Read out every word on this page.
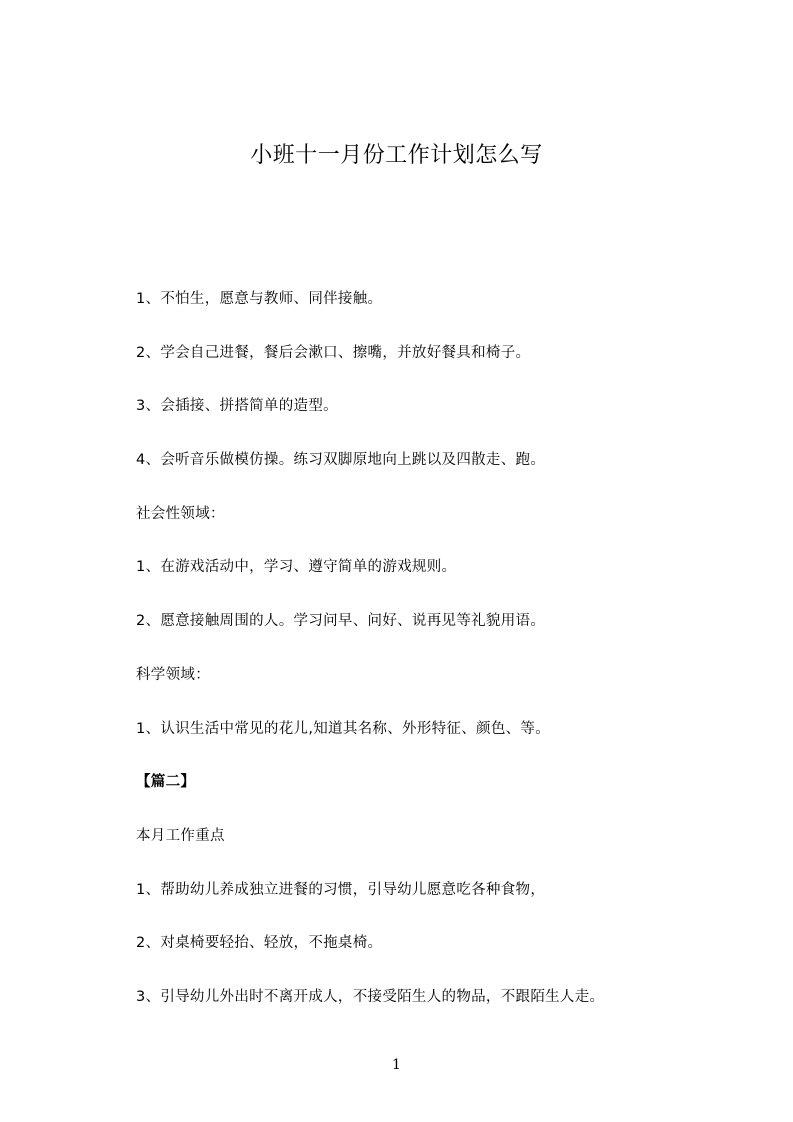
小班十一月份工作计划怎么写
1、不怕生，愿意与教师、同伴接触。
2、学会自己进餐，餐后会漱口、擦嘴，并放好餐具和椅子。
3、会插接、拼搭简单的造型。
4、会听音乐做模仿操。练习双脚原地向上跳以及四散走、跑。
社会性领域：
1、在游戏活动中，学习、遵守简单的游戏规则。
2、愿意接触周围的人。学习问早、问好、说再见等礼貌用语。
科学领域：
1、认识生活中常见的花儿,知道其名称、外形特征、颜色、等。
【篇二】
本月工作重点
1、帮助幼儿养成独立进餐的习惯，引导幼儿愿意吃各种食物，
2、对桌椅要轻抬、轻放，不拖桌椅。
3、引导幼儿外出时不离开成人，不接受陌生人的物品，不跟陌生人走。
1
